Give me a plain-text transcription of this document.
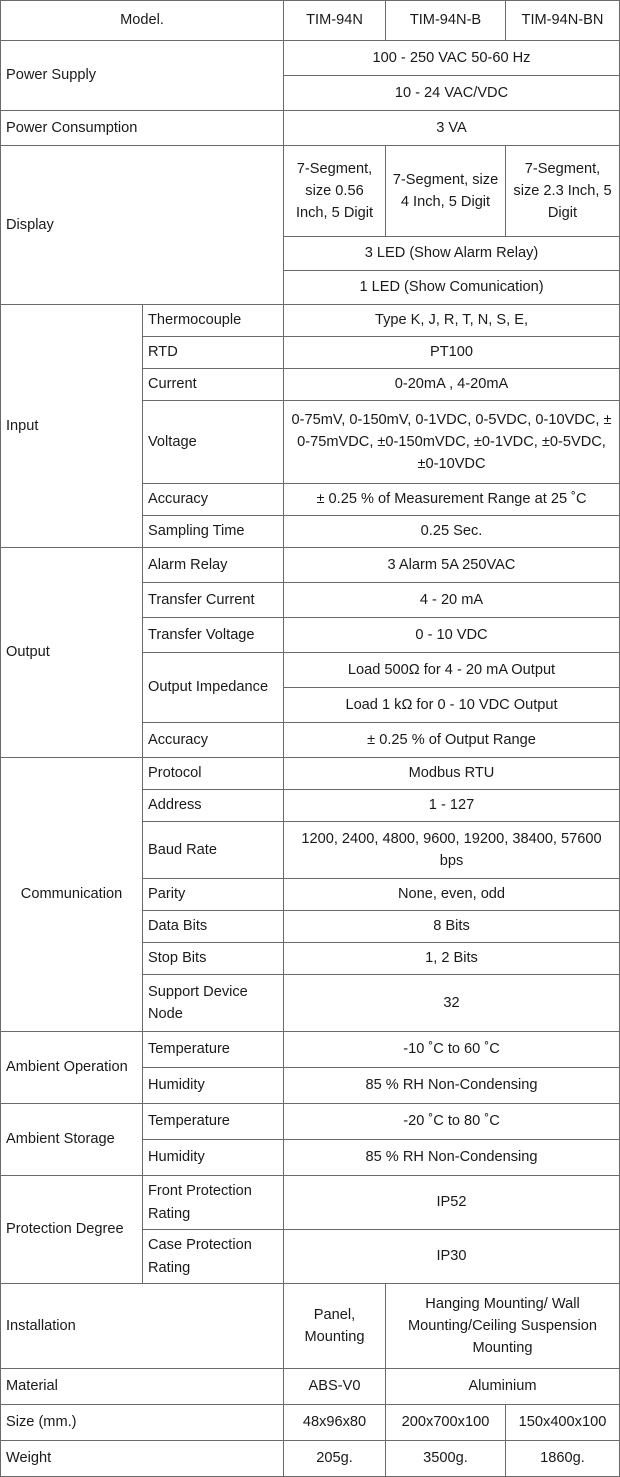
Model.		TIM-94N	TIM-94N-B	TIM-94N-BN
Power Supply		100 - 250 VAC 50-60 Hz		
		10 - 24 VAC/VDC		
Power Consumption		3 VA		
Display		7-Segment, size 0.56 Inch, 5 Digit	7-Segment, size 4 Inch, 5 Digit	7-Segment, size 2.3 Inch, 5 Digit
		3 LED (Show Alarm Relay)		
		1 LED (Show Comunication)		
Input	Thermocouple	Type K, J, R, T, N, S, E,		
	RTD	PT100		
	Current	0-20mA , 4-20mA		
	Voltage	0-75mV, 0-150mV, 0-1VDC, 0-5VDC, 0-10VDC, ± 0-75mVDC, ±0-150mVDC, ±0-1VDC, ±0-5VDC, ±0-10VDC		
	Accuracy	± 0.25 % of Measurement Range at 25 ˚C		
	Sampling Time	0.25 Sec.		
Output	Alarm Relay	3 Alarm 5A 250VAC		
	Transfer Current	4 - 20 mA		
	Transfer Voltage	0 - 10 VDC		
	Output Impedance	Load 500Ω for 4 - 20 mA Output		
		Load 1 kΩ for 0 - 10 VDC Output		
	Accuracy	± 0.25 % of Output Range		
Communication	Protocol	Modbus RTU		
	Address	1 - 127		
	Baud Rate	1200, 2400, 4800, 9600, 19200, 38400, 57600 bps		
	Parity	None, even, odd		
	Data Bits	8 Bits		
	Stop Bits	1, 2 Bits		
	Support Device Node	32		
Ambient Operation	Temperature	-10 ˚C to 60 ˚C		
	Humidity	85 % RH Non-Condensing		
Ambient Storage	Temperature	-20 ˚C to 80 ˚C		
	Humidity	85 % RH Non-Condensing		
Protection Degree	Front Protection Rating	IP52		
	Case Protection Rating	IP30		
Installation		Panel, Mounting	Hanging Mounting/ Wall Mounting/Ceiling Suspension Mounting	
Material		ABS-V0	Aluminium	
Size (mm.)		48x96x80	200x700x100	150x400x100
Weight		205g.	3500g.	1860g.
